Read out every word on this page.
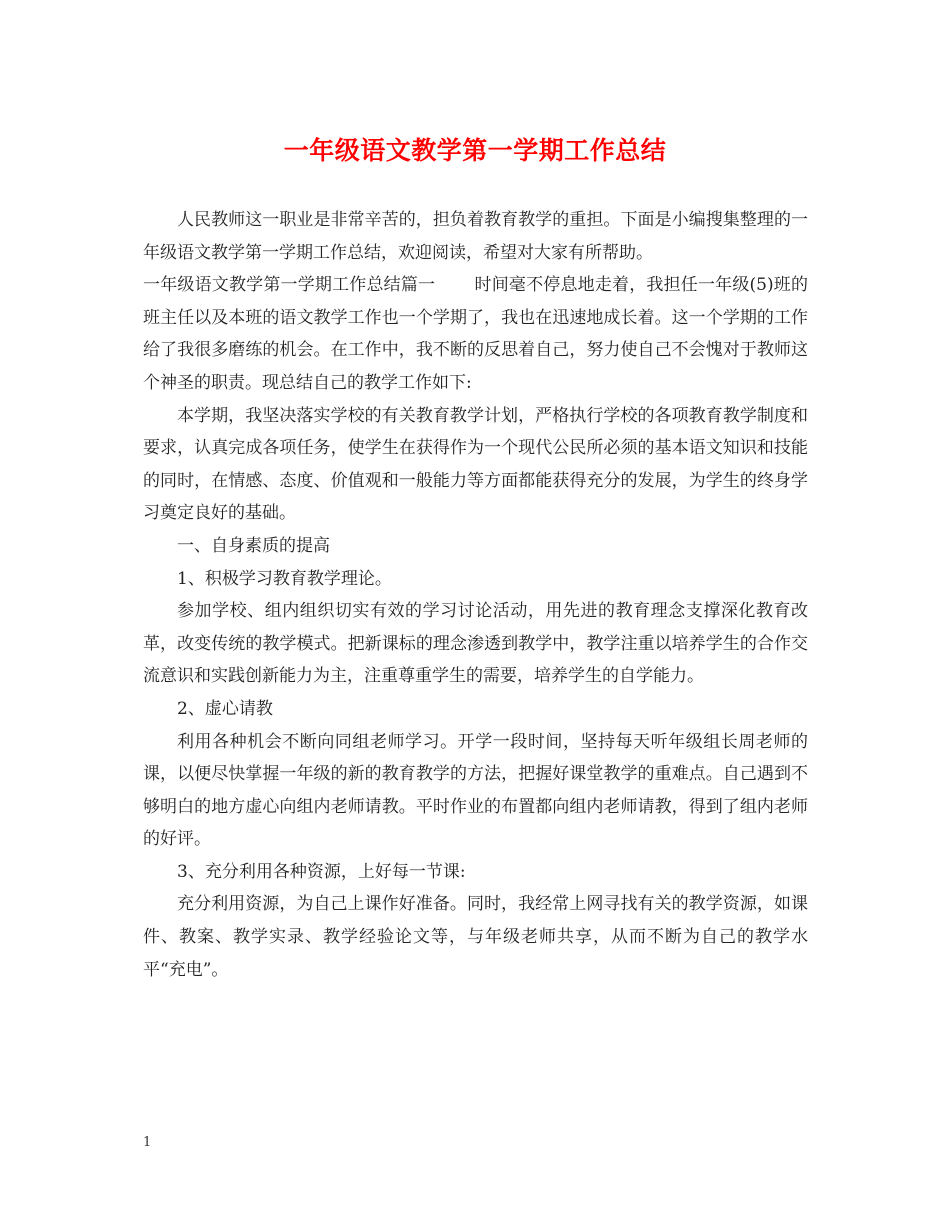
一年级语文教学第一学期工作总结

人民教师这一职业是非常辛苦的，担负着教育教学的重担。下面是小编搜集整理的一年级语文教学第一学期工作总结，欢迎阅读，希望对大家有所帮助。

一年级语文教学第一学期工作总结篇一 时间毫不停息地走着，我担任一年级(5)班的班主任以及本班的语文教学工作也一个学期了，我也在迅速地成长着。这一个学期的工作给了我很多磨练的机会。在工作中，我不断的反思着自己，努力使自己不会愧对于教师这个神圣的职责。现总结自己的教学工作如下:

本学期，我坚决落实学校的有关教育教学计划，严格执行学校的各项教育教学制度和要求，认真完成各项任务，使学生在获得作为一个现代公民所必须的基本语文知识和技能的同时，在情感、态度、价值观和一般能力等方面都能获得充分的发展，为学生的终身学习奠定良好的基础。

一、自身素质的提高

1、积极学习教育教学理论。

参加学校、组内组织切实有效的学习讨论活动，用先进的教育理念支撑深化教育改革，改变传统的教学模式。把新课标的理念渗透到教学中，教学注重以培养学生的合作交流意识和实践创新能力为主，注重尊重学生的需要，培养学生的自学能力。

2、虚心请教

利用各种机会不断向同组老师学习。开学一段时间，坚持每天听年级组长周老师的课，以便尽快掌握一年级的新的教育教学的方法，把握好课堂教学的重难点。自己遇到不够明白的地方虚心向组内老师请教。平时作业的布置都向组内老师请教，得到了组内老师的好评。

3、充分利用各种资源，上好每一节课:

充分利用资源，为自己上课作好准备。同时，我经常上网寻找有关的教学资源，如课件、教案、教学实录、教学经验论文等，与年级老师共享，从而不断为自己的教学水平“充电”。

1
